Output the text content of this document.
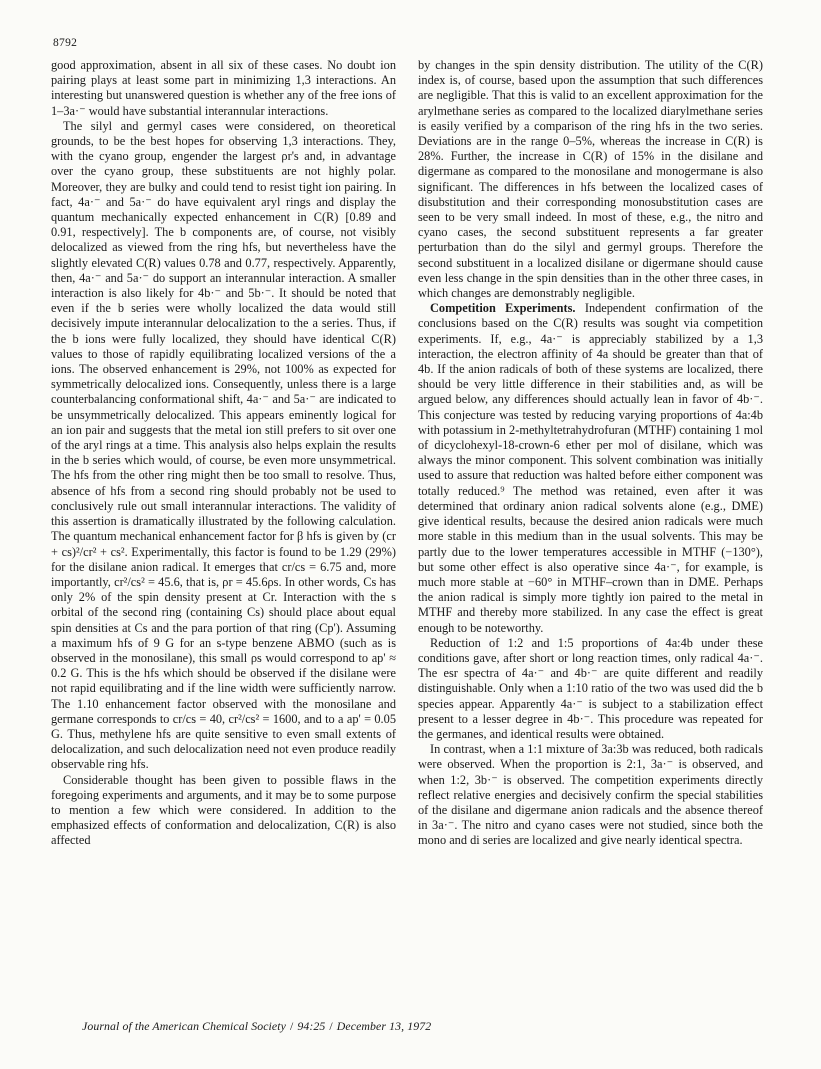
8792

good approximation, absent in all six of these cases. No doubt ion pairing plays at least some part in minimizing 1,3 interactions. An interesting but unanswered question is whether any of the free ions of 1–3a·⁻ would have substantial interannular interactions.

The silyl and germyl cases were considered, on theoretical grounds, to be the best hopes for observing 1,3 interactions. They, with the cyano group, engender the largest ρr's and, in advantage over the cyano group, these substituents are not highly polar. Moreover, they are bulky and could tend to resist tight ion pairing. In fact, 4a·⁻ and 5a·⁻ do have equivalent aryl rings and display the quantum mechanically expected enhancement in C(R) [0.89 and 0.91, respectively]. The b components are, of course, not visibly delocalized as viewed from the ring hfs, but nevertheless have the slightly elevated C(R) values 0.78 and 0.77, respectively. Apparently, then, 4a·⁻ and 5a·⁻ do support an interannular interaction. A smaller interaction is also likely for 4b·⁻ and 5b·⁻. It should be noted that even if the b series were wholly localized the data would still decisively impute interannular delocalization to the a series. Thus, if the b ions were fully localized, they should have identical C(R) values to those of rapidly equilibrating localized versions of the a ions. The observed enhancement is 29%, not 100% as expected for symmetrically delocalized ions. Consequently, unless there is a large counterbalancing conformational shift, 4a·⁻ and 5a·⁻ are indicated to be unsymmetrically delocalized. This appears eminently logical for an ion pair and suggests that the metal ion still prefers to sit over one of the aryl rings at a time. This analysis also helps explain the results in the b series which would, of course, be even more unsymmetrical. The hfs from the other ring might then be too small to resolve. Thus, absence of hfs from a second ring should probably not be used to conclusively rule out small interannular interactions. The validity of this assertion is dramatically illustrated by the following calculation. The quantum mechanical enhancement factor for β hfs is given by (cr + cs)²/cr² + cs². Experimentally, this factor is found to be 1.29 (29%) for the disilane anion radical. It emerges that cr/cs = 6.75 and, more importantly, cr²/cs² = 45.6, that is, ρr = 45.6ρs. In other words, Cs has only 2% of the spin density present at Cr. Interaction with the s orbital of the second ring (containing Cs) should place about equal spin densities at Cs and the para portion of that ring (Cp'). Assuming a maximum hfs of 9 G for an s-type benzene ABMO (such as is observed in the monosilane), this small ρs would correspond to ap' ≈ 0.2 G. This is the hfs which should be observed if the disilane were not rapid equilibrating and if the line width were sufficiently narrow. The 1.10 enhancement factor observed with the monosilane and germane corresponds to cr/cs = 40, cr²/cs² = 1600, and to a ap' = 0.05 G. Thus, methylene hfs are quite sensitive to even small extents of delocalization, and such delocalization need not even produce readily observable ring hfs.

Considerable thought has been given to possible flaws in the foregoing experiments and arguments, and it may be to some purpose to mention a few which were considered. In addition to the emphasized effects of conformation and delocalization, C(R) is also affected

by changes in the spin density distribution. The utility of the C(R) index is, of course, based upon the assumption that such differences are negligible. That this is valid to an excellent approximation for the arylmethane series as compared to the localized diarylmethane series is easily verified by a comparison of the ring hfs in the two series. Deviations are in the range 0–5%, whereas the increase in C(R) is 28%. Further, the increase in C(R) of 15% in the disilane and digermane as compared to the monosilane and monogermane is also significant. The differences in hfs between the localized cases of disubstitution and their corresponding monosubstitution cases are seen to be very small indeed. In most of these, e.g., the nitro and cyano cases, the second substituent represents a far greater perturbation than do the silyl and germyl groups. Therefore the second substituent in a localized disilane or digermane should cause even less change in the spin densities than in the other three cases, in which changes are demonstrably negligible.

Competition Experiments. Independent confirmation of the conclusions based on the C(R) results was sought via competition experiments. If, e.g., 4a·⁻ is appreciably stabilized by a 1,3 interaction, the electron affinity of 4a should be greater than that of 4b. If the anion radicals of both of these systems are localized, there should be very little difference in their stabilities and, as will be argued below, any differences should actually lean in favor of 4b·⁻. This conjecture was tested by reducing varying proportions of 4a:4b with potassium in 2-methyltetrahydrofuran (MTHF) containing 1 mol of dicyclohexyl-18-crown-6 ether per mol of disilane, which was always the minor component. This solvent combination was initially used to assure that reduction was halted before either component was totally reduced.⁹ The method was retained, even after it was determined that ordinary anion radical solvents alone (e.g., DME) give identical results, because the desired anion radicals were much more stable in this medium than in the usual solvents. This may be partly due to the lower temperatures accessible in MTHF (−130°), but some other effect is also operative since 4a·⁻, for example, is much more stable at −60° in MTHF–crown than in DME. Perhaps the anion radical is simply more tightly ion paired to the metal in MTHF and thereby more stabilized. In any case the effect is great enough to be noteworthy.

Reduction of 1:2 and 1:5 proportions of 4a:4b under these conditions gave, after short or long reaction times, only radical 4a·⁻. The esr spectra of 4a·⁻ and 4b·⁻ are quite different and readily distinguishable. Only when a 1:10 ratio of the two was used did the b species appear. Apparently 4a·⁻ is subject to a stabilization effect present to a lesser degree in 4b·⁻. This procedure was repeated for the germanes, and identical results were obtained.

In contrast, when a 1:1 mixture of 3a:3b was reduced, both radicals were observed. When the proportion is 2:1, 3a·⁻ is observed, and when 1:2, 3b·⁻ is observed. The competition experiments directly reflect relative energies and decisively confirm the special stabilities of the disilane and digermane anion radicals and the absence thereof in 3a·⁻. The nitro and cyano cases were not studied, since both the mono and di series are localized and give nearly identical spectra.

Journal of the American Chemical Society / 94:25 / December 13, 1972
